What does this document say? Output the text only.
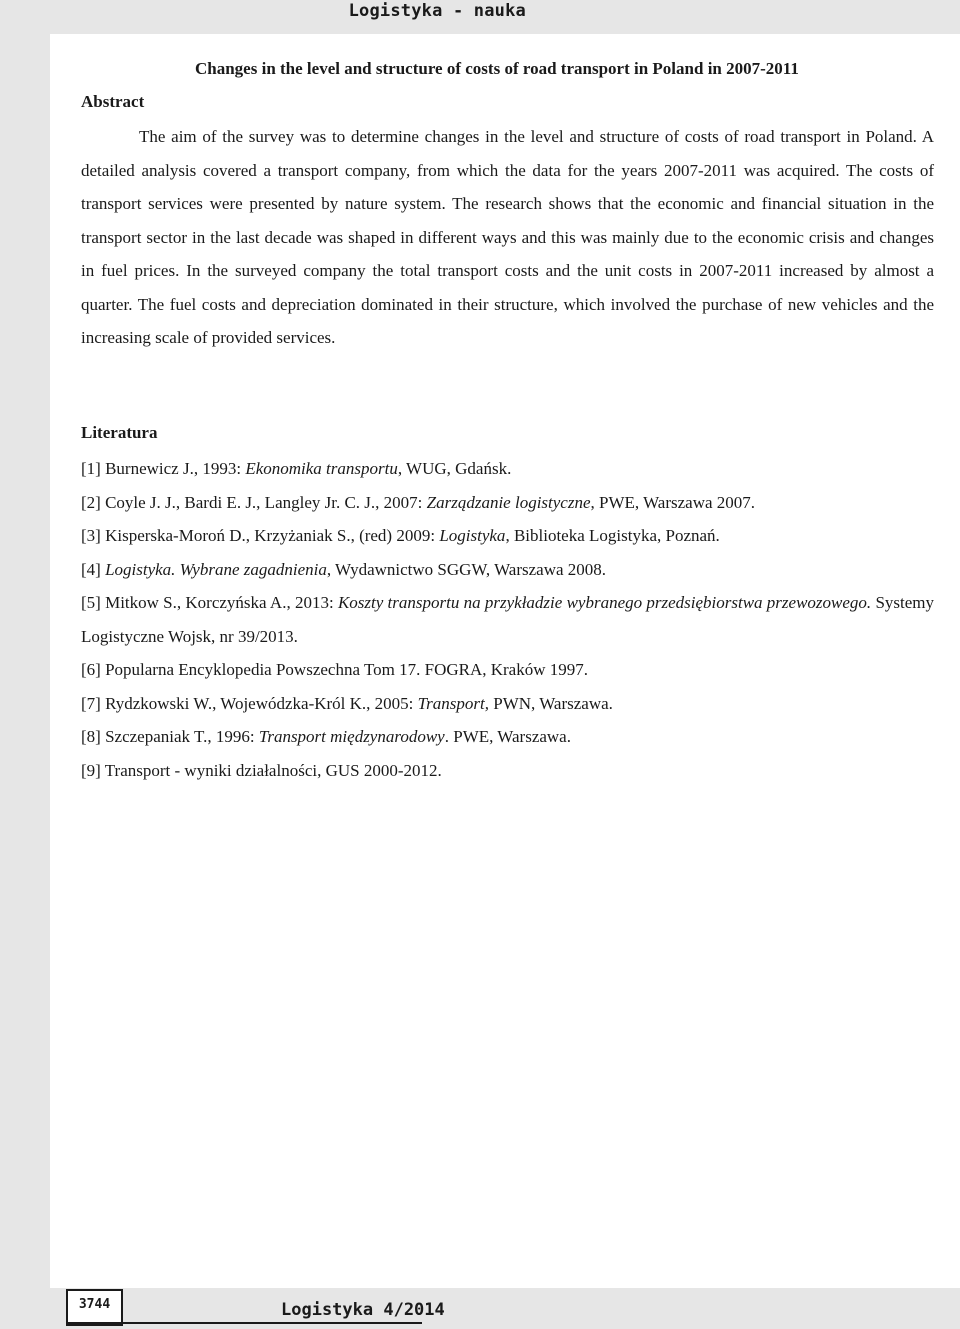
Logistyka - nauka
Changes in the level and structure of costs of road transport in Poland in 2007-2011
Abstract

The aim of the survey was to determine changes in the level and structure of costs of road transport in Poland. A detailed analysis covered a transport company, from which the data for the years 2007-2011 was acquired. The costs of transport services were presented by nature system. The research shows that the economic and financial situation in the transport sector in the last decade was shaped in different ways and this was mainly due to the economic crisis and changes in fuel prices. In the surveyed company the total transport costs and the unit costs in 2007-2011 increased by almost a quarter. The fuel costs and depreciation dominated in their structure, which involved the purchase of new vehicles and the increasing scale of provided services.

Literatura
[1] Burnewicz J., 1993: Ekonomika transportu, WUG, Gdańsk.
[2] Coyle J. J., Bardi E. J., Langley Jr. C. J., 2007: Zarządzanie logistyczne, PWE, Warszawa 2007.
[3] Kisperska-Moroń D., Krzyżaniak S., (red) 2009: Logistyka, Biblioteka Logistyka, Poznań.
[4] Logistyka. Wybrane zagadnienia, Wydawnictwo SGGW, Warszawa 2008.
[5] Mitkow S., Korczyńska A., 2013: Koszty transportu na przykładzie wybranego przedsiębiorstwa przewozowego. Systemy Logistyczne Wojsk, nr 39/2013.
[6] Popularna Encyklopedia Powszechna Tom 17. FOGRA, Kraków 1997.
[7] Rydzkowski W., Wojewódzka-Król K., 2005: Transport, PWN, Warszawa.
[8] Szczepaniak T., 1996: Transport międzynarodowy. PWE, Warszawa.
[9] Transport - wyniki działalności, GUS 2000-2012.
3744	Logistyka 4/2014
